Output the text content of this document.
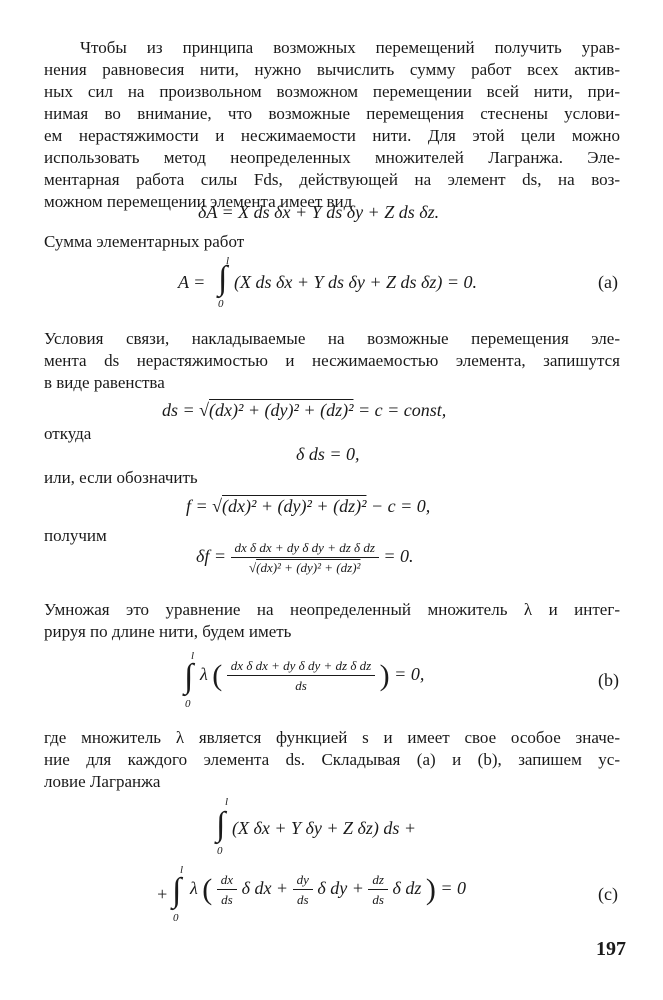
Чтобы из принципа возможных перемещений получить урав-
нения равновесия нити, нужно вычислить сумму работ всех актив-
ных сил на произвольном возможном перемещении всей нити, при-
нимая во внимание, что возможные перемещения стеснены услови-
ем нерастяжимости и несжимаемости нити. Для этой цели можно
использовать метод неопределенных множителей Лагранжа. Эле-
ментарная работа силы Fds, действующей на элемент ds, на воз-
можном перемещении элемента имеет вид
δA = X ds δx + Y ds δy + Z ds δz.
Сумма элементарных работ
A = ∫
l
0
(X ds δx + Y ds δy + Z ds δz) = 0.	(a)
Условия связи, накладываемые на возможные перемещения эле-
мента ds нерастяжимостью и несжимаемостью элемента, запишутся
в виде равенства
ds = √(dx)² + (dy)² + (dz)² = c = const,
откуда
δ ds = 0,
или, если обозначить
f = √(dx)² + (dy)² + (dz)² − c = 0,
получим
$\delta f = \frac{\text{dx δ dx + dy δ dy + dz δ dz}}{\text{√(dx)² + (dy)² + (dz)²}} = 0$.
Умножая это уравнение на неопределенный множитель λ и интег-
рируя по длине нити, будем иметь
∫
l
0
λ ( $\frac{\text{dx δ dx + dy δ dy + dz δ dz}}{ds}$ ) = 0,	(b)
где множитель λ является функцией s и имеет свое особое значе-
ние для каждого элемента ds. Складывая (a) и (b), запишем ус-
ловие Лагранжа
∫
l
0
(X δx + Y δy + Z δz) ds +
+ ∫
l
0
λ ( $\frac{dx}{ds}$ δ dx + $\frac{dy}{ds}$ δ dy + $\frac{dz}{ds}$ δ dz ) = 0	(c)
197
